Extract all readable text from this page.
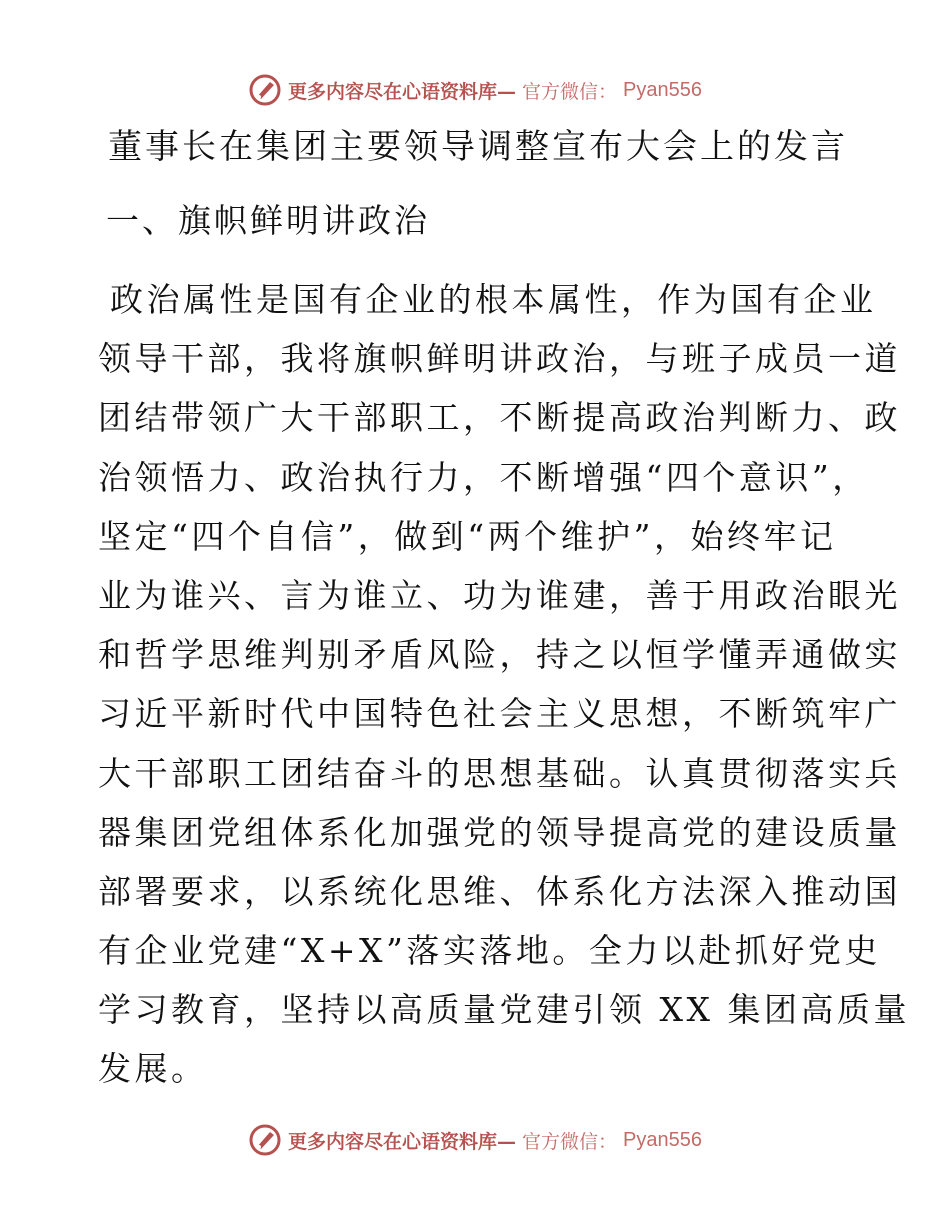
更多内容尽在心语资料库— 官方微信： Pyan556
董事长在集团主要领导调整宣布大会上的发言
一、旗帜鲜明讲政治
政治属性是国有企业的根本属性，作为国有企业
领导干部，我将旗帜鲜明讲政治，与班子成员一道
团结带领广大干部职工，不断提高政治判断力、政
治领悟力、政治执行力，不断增强“四个意识”，
坚定“四个自信”，做到“两个维护”，始终牢记
业为谁兴、言为谁立、功为谁建，善于用政治眼光
和哲学思维判别矛盾风险，持之以恒学懂弄通做实
习近平新时代中国特色社会主义思想，不断筑牢广
大干部职工团结奋斗的思想基础。认真贯彻落实兵
器集团党组体系化加强党的领导提高党的建设质量
部署要求，以系统化思维、体系化方法深入推动国
有企业党建“X+X”落实落地。全力以赴抓好党史
学习教育，坚持以高质量党建引领 XX 集团高质量
发展。
更多内容尽在心语资料库— 官方微信： Pyan556
